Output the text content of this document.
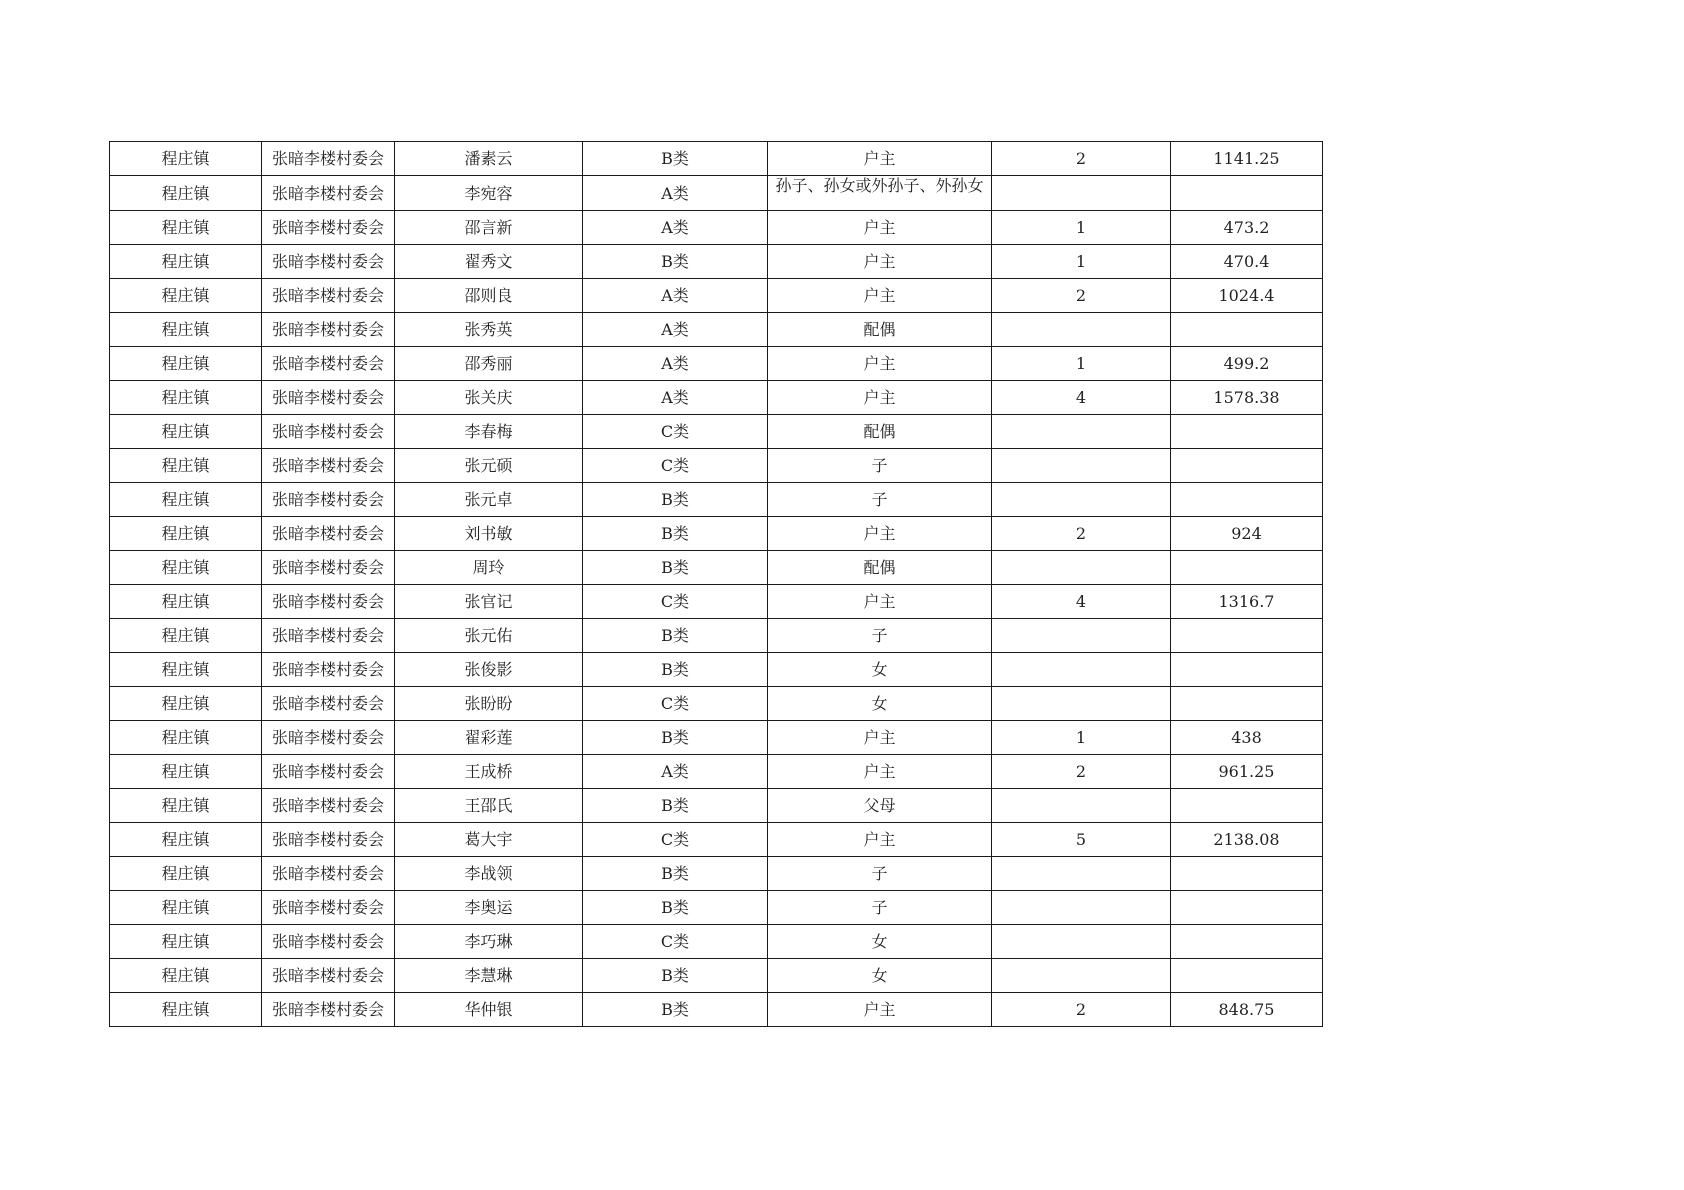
程庄镇	张暗李楼村委会	潘素云	B类	户主	2	1141.25
程庄镇	张暗李楼村委会	李宛容	A类	孙子、孙女或外孙子、外孙女		

程庄镇	张暗李楼村委会	邵言新	A类	户主	1	473.2
程庄镇	张暗李楼村委会	翟秀文	B类	户主	1	470.4
程庄镇	张暗李楼村委会	邵则良	A类	户主	2	1024.4
程庄镇	张暗李楼村委会	张秀英	A类	配偶		
程庄镇	张暗李楼村委会	邵秀丽	A类	户主	1	499.2
程庄镇	张暗李楼村委会	张关庆	A类	户主	4	1578.38
程庄镇	张暗李楼村委会	李春梅	C类	配偶		
程庄镇	张暗李楼村委会	张元硕	C类	子		
程庄镇	张暗李楼村委会	张元卓	B类	子		
程庄镇	张暗李楼村委会	刘书敏	B类	户主	2	924
程庄镇	张暗李楼村委会	周玲	B类	配偶		
程庄镇	张暗李楼村委会	张官记	C类	户主	4	1316.7
程庄镇	张暗李楼村委会	张元佑	B类	子		
程庄镇	张暗李楼村委会	张俊影	B类	女		
程庄镇	张暗李楼村委会	张盼盼	C类	女		
程庄镇	张暗李楼村委会	翟彩莲	B类	户主	1	438
程庄镇	张暗李楼村委会	王成桥	A类	户主	2	961.25
程庄镇	张暗李楼村委会	王邵氏	B类	父母		
程庄镇	张暗李楼村委会	葛大宇	C类	户主	5	2138.08
程庄镇	张暗李楼村委会	李战领	B类	子		
程庄镇	张暗李楼村委会	李奥运	B类	子		
程庄镇	张暗李楼村委会	李巧琳	C类	女		
程庄镇	张暗李楼村委会	李慧琳	B类	女		
程庄镇	张暗李楼村委会	华仲银	B类	户主	2	848.75
